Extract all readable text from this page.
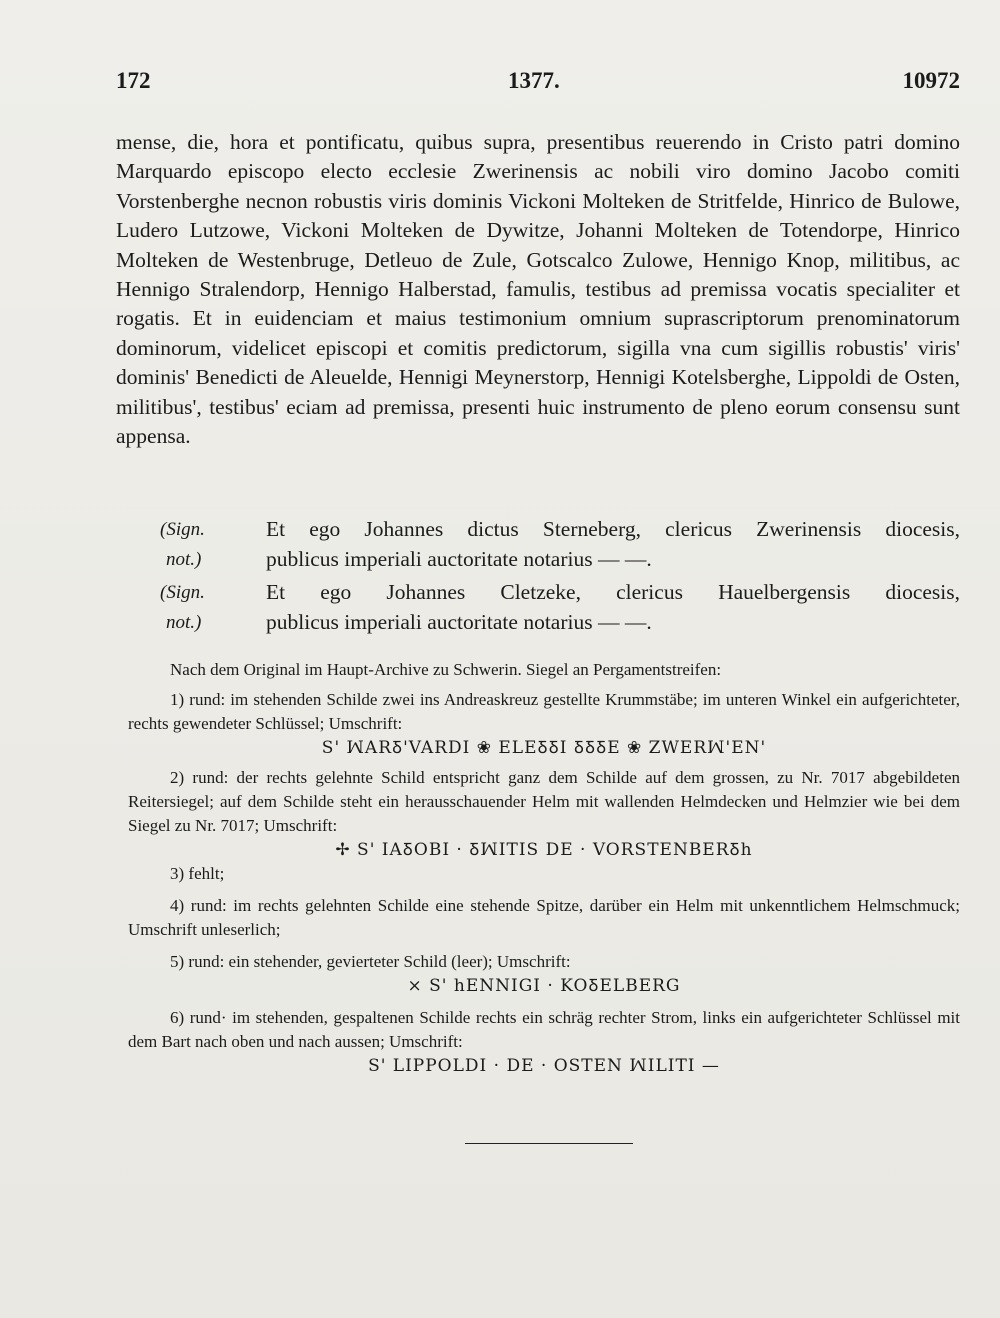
172	1377.	10972

mense, die, hora et pontificatu, quibus supra, presentibus reuerendo in Cristo patri domino Marquardo episcopo electo ecclesie Zwerinensis ac nobili viro domino Jacobo comiti Vorstenberghe necnon robustis viris dominis Vickoni Molteken de Stritfelde, Hinrico de Bulowe, Ludero Lutzowe, Vickoni Molteken de Dywitze, Johanni Molteken de Totendorpe, Hinrico Molteken de Westenbruge, Detleuo de Zule, Gotscalco Zulowe, Hennigo Knop, militibus, ac Hennigo Stralendorp, Hennigo Halberstad, famulis, testibus ad premissa vocatis specialiter et rogatis. Et in euidenciam et maius testimonium omnium suprascriptorum prenominatorum dominorum, videlicet episcopi et comitis predictorum, sigilla vna cum sigillis robustis' viris' dominis' Benedicti de Aleuelde, Hennigi Meynerstorp, Hennigi Kotelsberghe, Lippoldi de Osten, militibus', testibus' eciam ad premissa, presenti huic instrumento de pleno eorum consensu sunt appensa.

(Sign.
not.)
Et ego Johannes dictus Sterneberg, clericus Zwerinensis diocesis,
publicus imperiali auctoritate notarius — —.
(Sign.
not.)
Et ego Johannes Cletzeke, clericus Hauelbergensis diocesis,
publicus imperiali auctoritate notarius — —.

Nach dem Original im Haupt-Archive zu Schwerin. Siegel an Pergamentstreifen:

1) rund: im stehenden Schilde zwei ins Andreaskreuz gestellte Krummstäbe; im unteren Winkel ein aufgerichteter, rechts gewendeter Schlüssel; Umschrift:

S' ꟽARꝽ'VARDI ❀ ELEꝽꝽI ꝽꝽꝽE ❀ ZWERꟽ'EN'

2) rund: der rechts gelehnte Schild entspricht ganz dem Schilde auf dem grossen, zu Nr. 7017 abgebildeten Reitersiegel; auf dem Schilde steht ein herausschauender Helm mit wallenden Helmdecken und Helmzier wie bei dem Siegel zu Nr. 7017; Umschrift:

✢ S' IAꝽOBI · ꝽꟽITIS DE · VORSTENBERꝽh

3) fehlt;

4) rund: im rechts gelehnten Schilde eine stehende Spitze, darüber ein Helm mit unkenntlichem Helmschmuck; Umschrift unleserlich;

5) rund: ein stehender, gevierteter Schild (leer); Umschrift:

× S' hENNIGI · KOꝽELBERG

6) rund· im stehenden, gespaltenen Schilde rechts ein schräg rechter Strom, links ein aufgerichteter Schlüssel mit dem Bart nach oben und nach aussen; Umschrift:

S' LIPPOLDI · DE · OSTEN ꟽILITI —
